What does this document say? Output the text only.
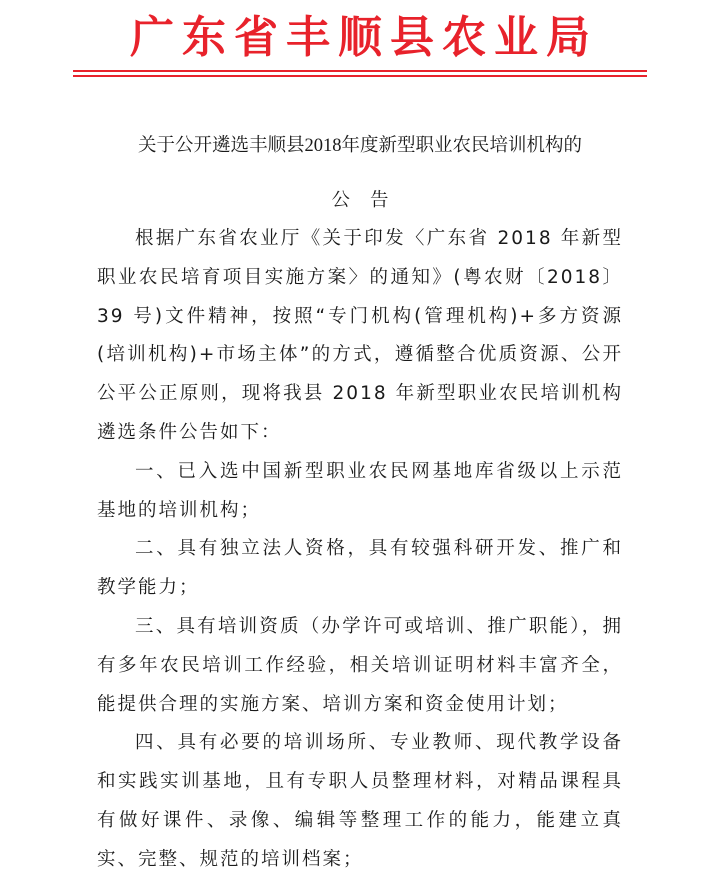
广东省丰顺县农业局
关于公开遴选丰顺县2018年度新型职业农民培训机构的
公告

根据广东省农业厅《关于印发〈广东省 2018 年新型职业农民培育项目实施方案〉的通知》(粤农财〔2018〕39 号)文件精神，按照“专门机构(管理机构)+多方资源(培训机构)+市场主体”的方式，遵循整合优质资源、公开公平公正原则，现将我县 2018 年新型职业农民培训机构遴选条件公告如下：

一、已入选中国新型职业农民网基地库省级以上示范基地的培训机构；

二、具有独立法人资格，具有较强科研开发、推广和教学能力；

三、具有培训资质（办学许可或培训、推广职能），拥有多年农民培训工作经验，相关培训证明材料丰富齐全，能提供合理的实施方案、培训方案和资金使用计划；

四、具有必要的培训场所、专业教师、现代教学设备和实践实训基地，且有专职人员整理材料，对精品课程具有做好课件、录像、编辑等整理工作的能力，能建立真实、完整、规范的培训档案；
